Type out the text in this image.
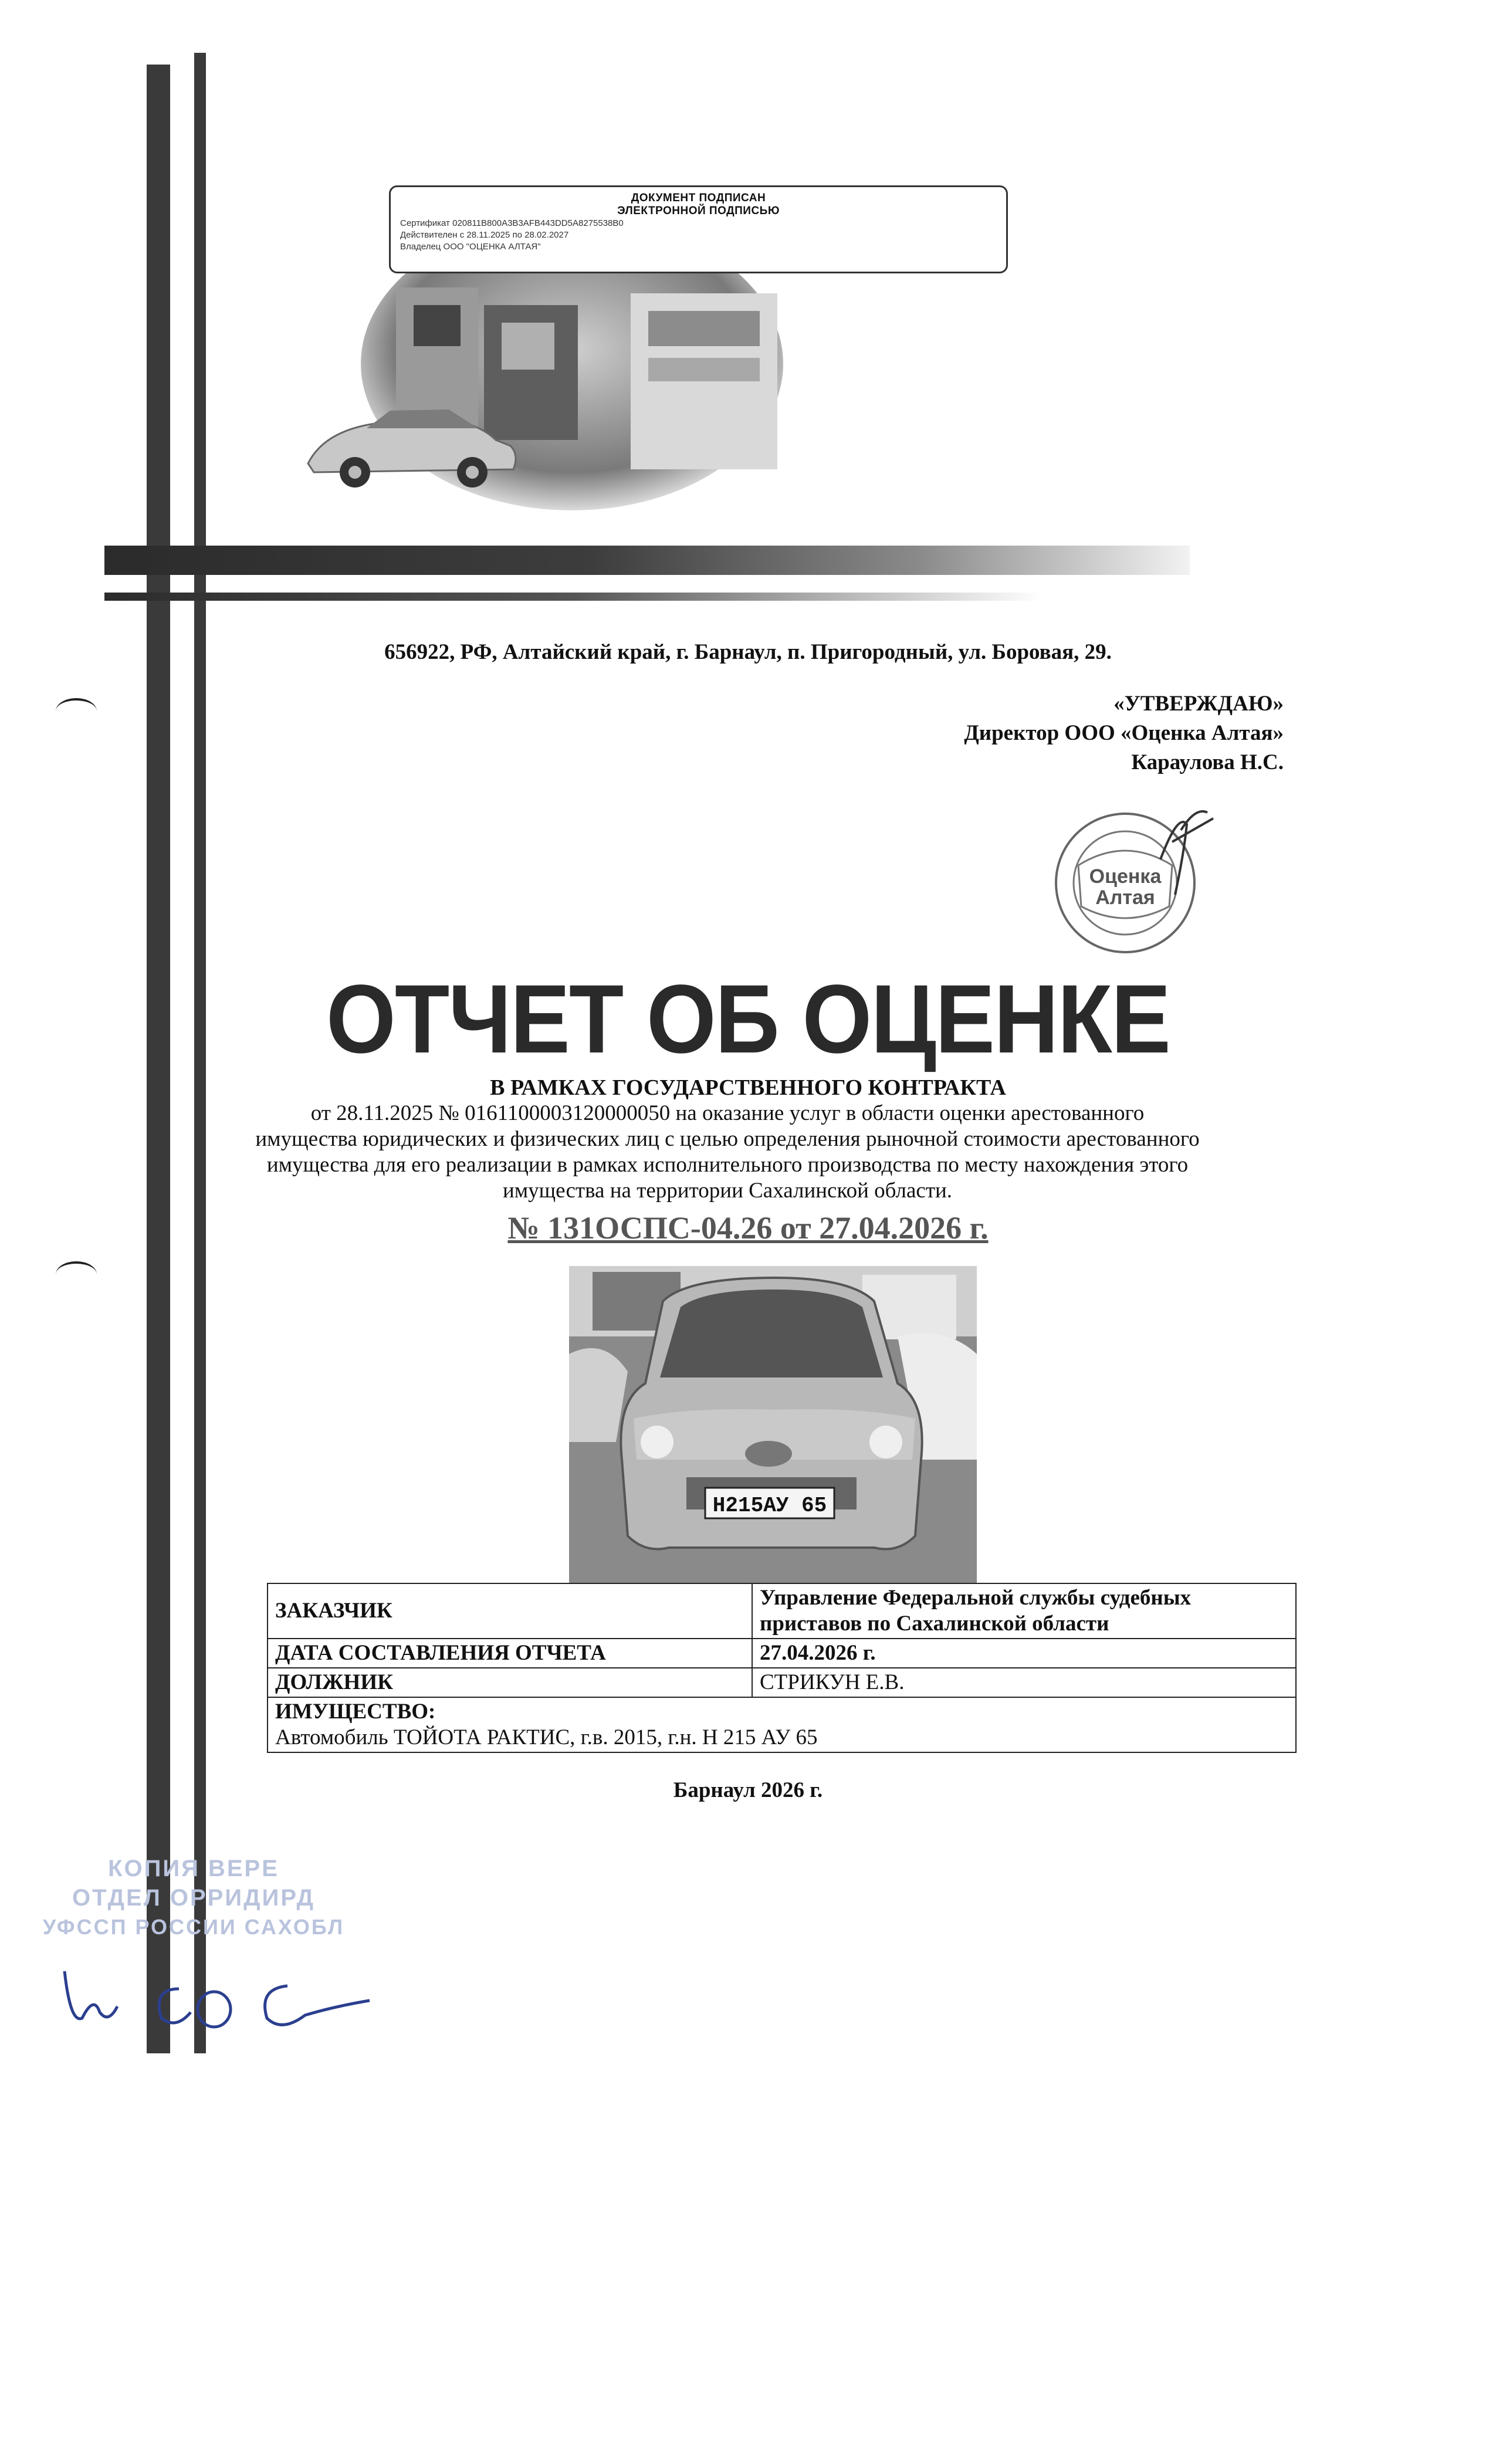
ДОКУМЕНТ ПОДПИСАН
ЭЛЕКТРОННОЙ ПОДПИСЬЮ
Сертификат 020811B800A3B3AFB443DD5A8275538B0
Действителен с 28.11.2025 по 28.02.2027
Владелец ООО "ОЦЕНКА АЛТАЯ"
656922, РФ, Алтайский край, г. Барнаул, п. Пригородный, ул. Боровая, 29.
«УТВЕРЖДАЮ»
Директор ООО «Оценка Алтая»
Караулова Н.С.
Оценка
Алтая
ОТЧЕТ ОБ ОЦЕНКЕ
В РАМКАХ ГОСУДАРСТВЕННОГО КОНТРАКТА
от 28.11.2025 № 0161100003120000050 на оказание услуг в области оценки арестованного
имущества юридических и физических лиц с целью определения рыночной стоимости арестованного
имущества для его реализации в рамках исполнительного производства по месту нахождения этого
имущества на территории Сахалинской области.
№ 131ОСПС-04.26 от 27.04.2026 г.
Н215АУ 65
ЗАКАЗЧИК	Управление Федеральной службы судебных
приставов по Сахалинской области

ДАТА СОСТАВЛЕНИЯ ОТЧЕТА	27.04.2026 г.
ДОЛЖНИК	СТРИКУН Е.В.

ИМУЩЕСТВО:
Автомобиль ТОЙОТА РАКТИС, г.в. 2015, г.н. Н 215 АУ 65	
Барнаул 2026 г.
КОПИЯ ВЕРЕ
ОТДЕЛ ОРРИДИРД
УФССП РОССИИ САХОБЛ
